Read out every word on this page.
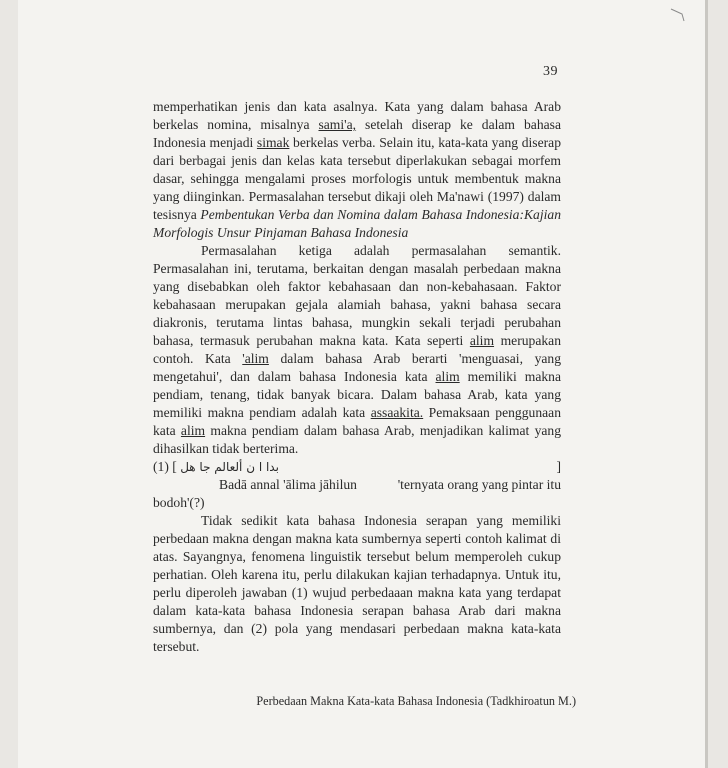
39

memperhatikan jenis dan kata asalnya. Kata yang dalam bahasa Arab berkelas nomina, misalnya sami'a, setelah diserap ke dalam bahasa Indonesia menjadi simak berkelas verba. Selain itu, kata-kata yang diserap dari berbagai jenis dan kelas kata tersebut diperlakukan sebagai morfem dasar, sehingga mengalami proses morfologis untuk membentuk makna yang diinginkan. Permasalahan tersebut dikaji oleh Ma'nawi (1997) dalam tesisnya Pembentukan Verba dan Nomina dalam Bahasa Indonesia:Kajian Morfologis Unsur Pinjaman Bahasa Indonesia

Permasalahan ketiga adalah permasalahan semantik. Permasalahan ini, terutama, berkaitan dengan masalah perbedaan makna yang disebabkan oleh faktor kebahasaan dan non-kebahasaan. Faktor kebahasaan merupakan gejala alamiah bahasa, yakni bahasa secara diakronis, terutama lintas bahasa, mungkin sekali terjadi perubahan bahasa, termasuk perubahan makna kata. Kata seperti alim merupakan contoh. Kata 'alim dalam bahasa Arab berarti 'menguasai, yang mengetahui', dan dalam bahasa Indonesia kata alim memiliki makna pendiam, tenang, tidak banyak bicara. Dalam bahasa Arab, kata yang memiliki makna pendiam adalah kata assaakita. Pemaksaan penggunaan kata alim makna pendiam dalam bahasa Arab, menjadikan kalimat yang dihasilkan tidak berterima.

(1) [ بدا ا ن ألعالم جا هل	]
Badā annal 'ālima jāhilun	'ternyata orang yang pintar itu

bodoh'(?)

Tidak sedikit kata bahasa Indonesia serapan yang memiliki perbedaan makna dengan makna kata sumbernya seperti contoh kalimat di atas. Sayangnya, fenomena linguistik tersebut belum memperoleh cukup perhatian. Oleh karena itu, perlu dilakukan kajian terhadapnya. Untuk itu, perlu diperoleh jawaban (1) wujud perbedaaan makna kata yang terdapat dalam kata-kata bahasa Indonesia serapan bahasa Arab dari makna sumbernya, dan (2) pola yang mendasari perbedaan makna kata-kata tersebut.

Perbedaan Makna Kata-kata Bahasa Indonesia (Tadkhiroatun M.)
